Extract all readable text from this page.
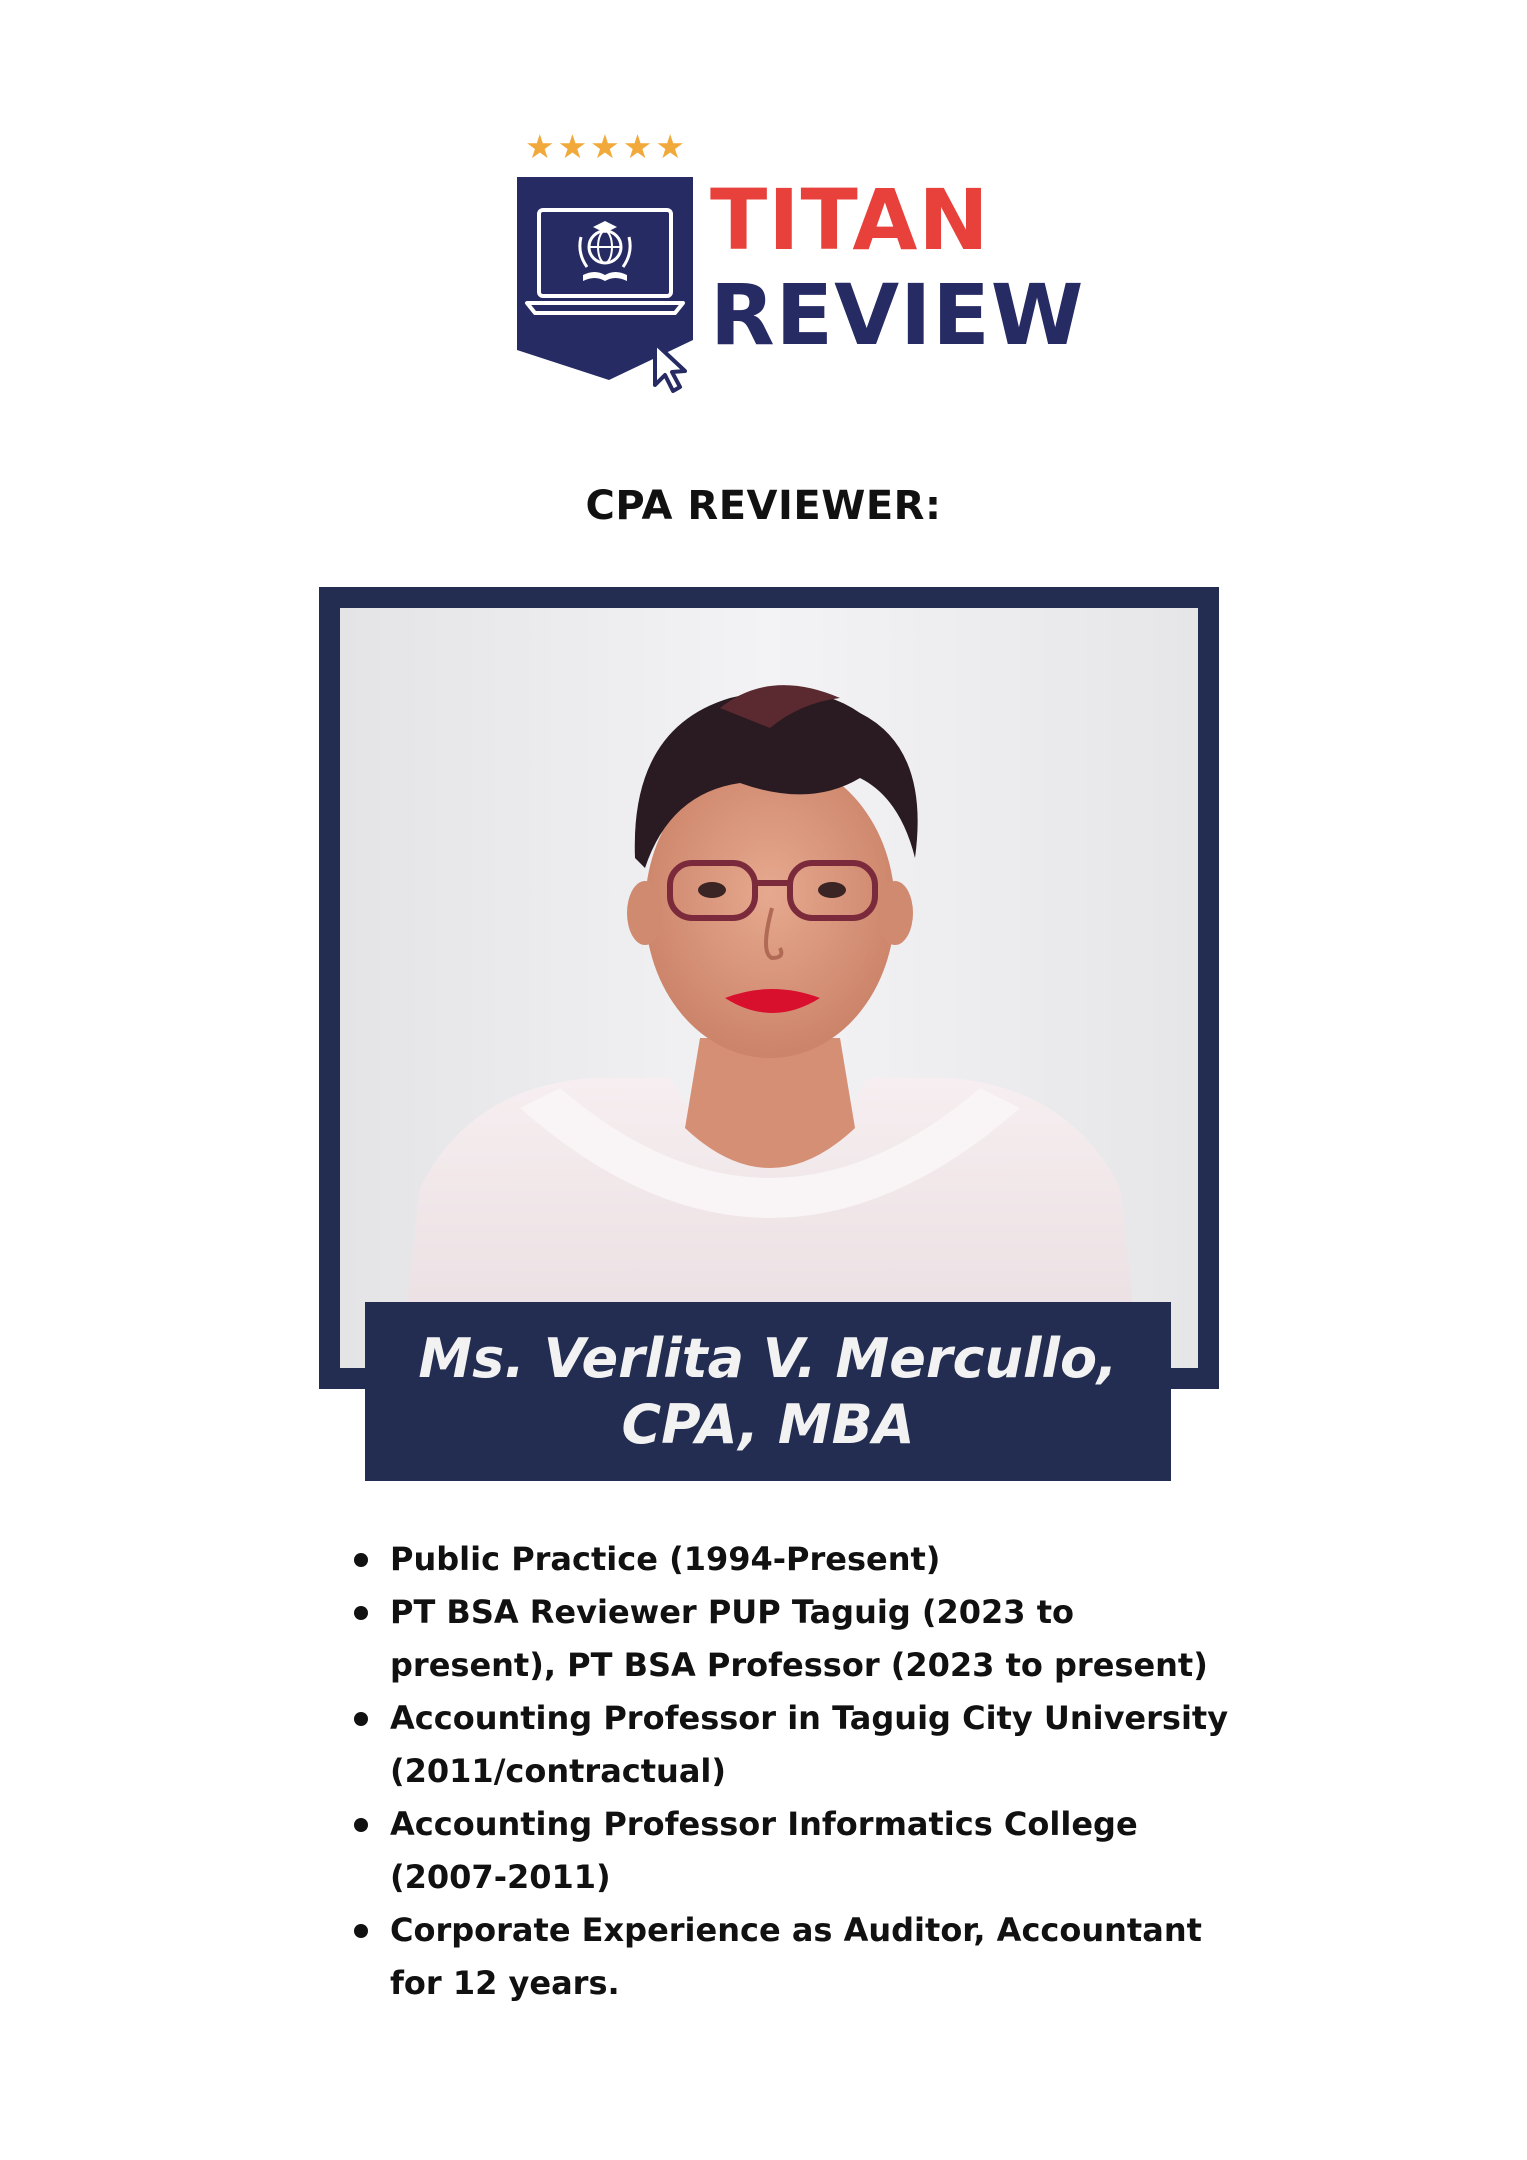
★★★★★
TITAN
REVIEW
CPA REVIEWER:
Ms. Verlita V. Mercullo, CPA, MBA
Public Practice (1994-Present)
PT BSA Reviewer PUP Taguig (2023 to present), PT BSA Professor (2023 to present)
Accounting Professor in Taguig City University (2011/contractual)
Accounting Professor Informatics College (2007-2011)
Corporate Experience as Auditor, Accountant for 12 years.
